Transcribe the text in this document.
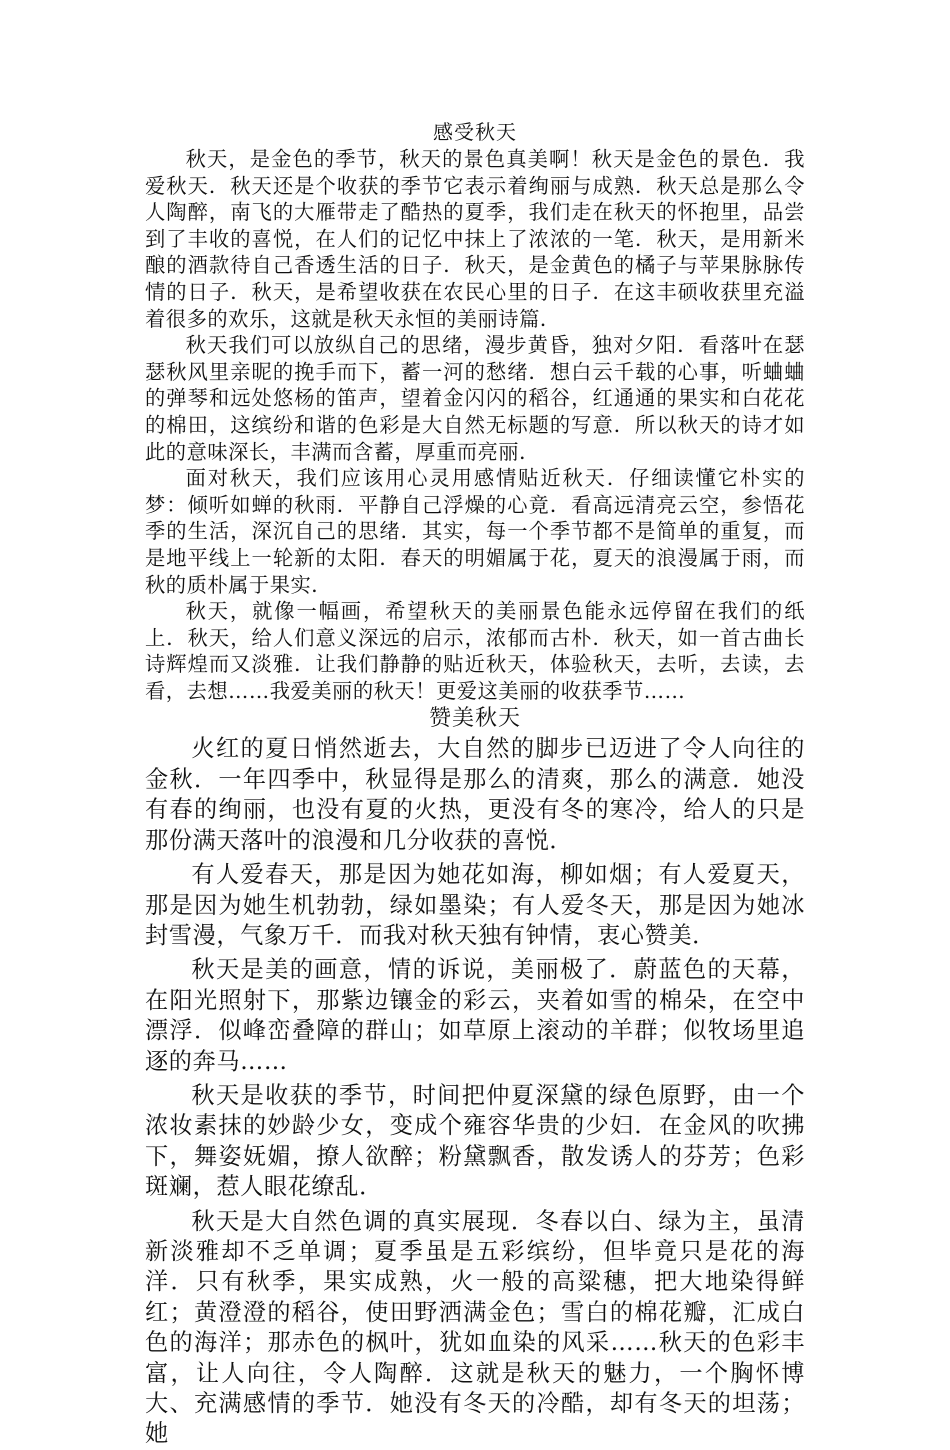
感受秋天

秋天，是金色的季节，秋天的景色真美啊！秋天是金色的景色．我爱秋天．秋天还是个收获的季节它表示着绚丽与成熟．秋天总是那么令人陶醉，南飞的大雁带走了酷热的夏季，我们走在秋天的怀抱里，品尝到了丰收的喜悦，在人们的记忆中抹上了浓浓的一笔．秋天，是用新米酿的酒款待自己香透生活的日子．秋天，是金黄色的橘子与苹果脉脉传情的日子．秋天，是希望收获在农民心里的日子．在这丰硕收获里充溢着很多的欢乐，这就是秋天永恒的美丽诗篇．

秋天我们可以放纵自己的思绪，漫步黄昏，独对夕阳．看落叶在瑟瑟秋风里亲昵的挽手而下，蓄一河的愁绪．想白云千载的心事，听蛐蛐的弹琴和远处悠杨的笛声，望着金闪闪的稻谷，红通通的果实和白花花的棉田，这缤纷和谐的色彩是大自然无标题的写意．所以秋天的诗才如此的意味深长，丰满而含蓄，厚重而亮丽．

面对秋天，我们应该用心灵用感情贴近秋天．仔细读懂它朴实的梦：倾听如蝉的秋雨．平静自己浮燥的心竟．看高远清亮云空，参悟花季的生活，深沉自己的思绪．其实，每一个季节都不是简单的重复，而是地平线上一轮新的太阳．春天的明媚属于花，夏天的浪漫属于雨，而秋的质朴属于果实．

秋天，就像一幅画，希望秋天的美丽景色能永远停留在我们的纸上．秋天，给人们意义深远的启示，浓郁而古朴．秋天，如一首古曲长诗辉煌而又淡雅．让我们静静的贴近秋天，体验秋天，去听，去读，去看，去想……我爱美丽的秋天！更爱这美丽的收获季节……

赞美秋天

火红的夏日悄然逝去，大自然的脚步已迈进了令人向往的金秋．一年四季中，秋显得是那么的清爽，那么的满意．她没有春的绚丽，也没有夏的火热，更没有冬的寒冷，给人的只是那份满天落叶的浪漫和几分收获的喜悦．

有人爱春天，那是因为她花如海，柳如烟；有人爱夏天，那是因为她生机勃勃，绿如墨染；有人爱冬天，那是因为她冰封雪漫，气象万千．而我对秋天独有钟情，衷心赞美．

秋天是美的画意，情的诉说，美丽极了．蔚蓝色的天幕，在阳光照射下，那紫边镶金的彩云，夹着如雪的棉朵，在空中漂浮．似峰峦叠障的群山；如草原上滚动的羊群；似牧场里追逐的奔马……

秋天是收获的季节，时间把仲夏深黛的绿色原野，由一个浓妆素抹的妙龄少女，变成个雍容华贵的少妇．在金风的吹拂下，舞姿妩媚，撩人欲醉；粉黛飘香，散发诱人的芬芳；色彩斑斓，惹人眼花缭乱．

秋天是大自然色调的真实展现．冬春以白、绿为主，虽清新淡雅却不乏单调；夏季虽是五彩缤纷，但毕竟只是花的海洋．只有秋季，果实成熟，火一般的高粱穗，把大地染得鲜红；黄澄澄的稻谷，使田野洒满金色；雪白的棉花瓣，汇成白色的海洋；那赤色的枫叶，犹如血染的风采……秋天的色彩丰富，让人向往，令人陶醉．这就是秋天的魅力，一个胸怀博大、充满感情的季节．她没有冬天的冷酷，却有冬天的坦荡；她
